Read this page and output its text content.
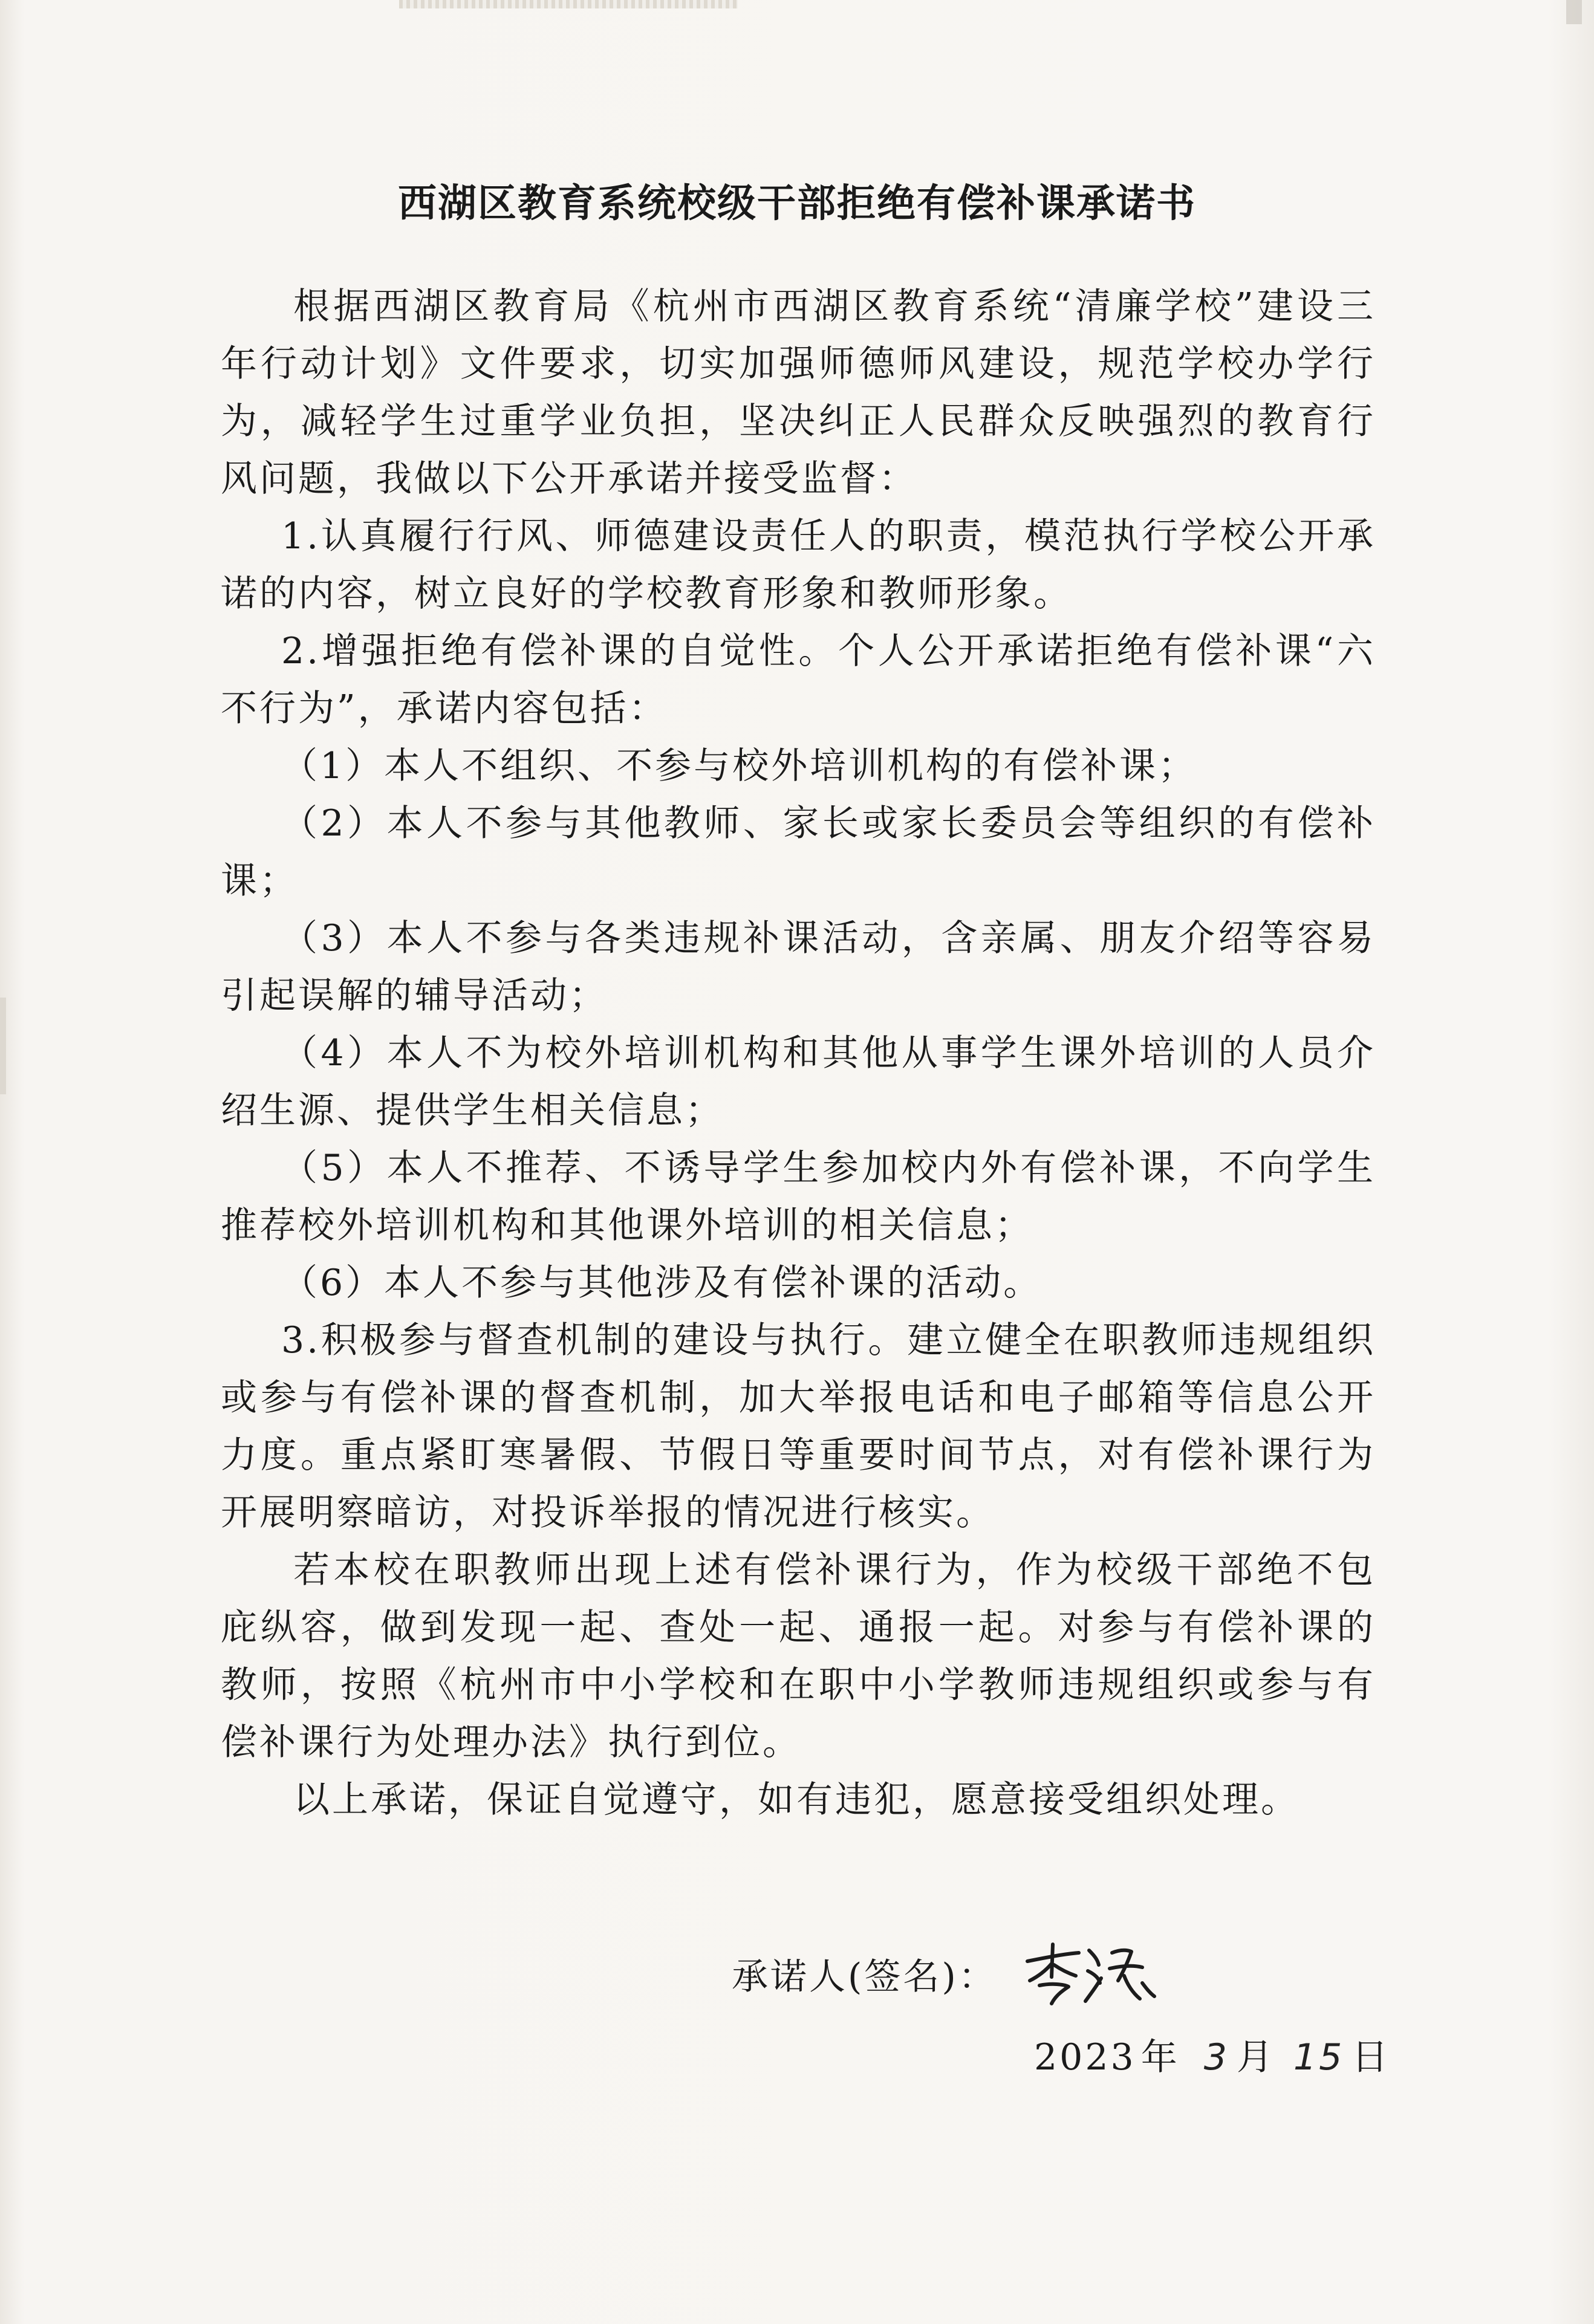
西湖区教育系统校级干部拒绝有偿补课承诺书

根据西湖区教育局《杭州市西湖区教育系统“清廉学校”建设三年行动计划》文件要求，切实加强师德师风建设，规范学校办学行为，减轻学生过重学业负担，坚决纠正人民群众反映强烈的教育行风问题，我做以下公开承诺并接受监督：

1.认真履行行风、师德建设责任人的职责，模范执行学校公开承诺的内容，树立良好的学校教育形象和教师形象。

2.增强拒绝有偿补课的自觉性。个人公开承诺拒绝有偿补课“六不行为”，承诺内容包括：

（1）本人不组织、不参与校外培训机构的有偿补课；

（2）本人不参与其他教师、家长或家长委员会等组织的有偿补课；

（3）本人不参与各类违规补课活动，含亲属、朋友介绍等容易引起误解的辅导活动；

（4）本人不为校外培训机构和其他从事学生课外培训的人员介绍生源、提供学生相关信息；

（5）本人不推荐、不诱导学生参加校内外有偿补课，不向学生推荐校外培训机构和其他课外培训的相关信息；

（6）本人不参与其他涉及有偿补课的活动。

3.积极参与督查机制的建设与执行。建立健全在职教师违规组织或参与有偿补课的督查机制，加大举报电话和电子邮箱等信息公开力度。重点紧盯寒暑假、节假日等重要时间节点，对有偿补课行为开展明察暗访，对投诉举报的情况进行核实。

若本校在职教师出现上述有偿补课行为，作为校级干部绝不包庇纵容，做到发现一起、查处一起、通报一起。对参与有偿补课的教师，按照《杭州市中小学校和在职中小学教师违规组织或参与有偿补课行为处理办法》执行到位。

以上承诺，保证自觉遵守，如有违犯，愿意接受组织处理。

承诺人(签名)：
2023 年 3 月 15 日
